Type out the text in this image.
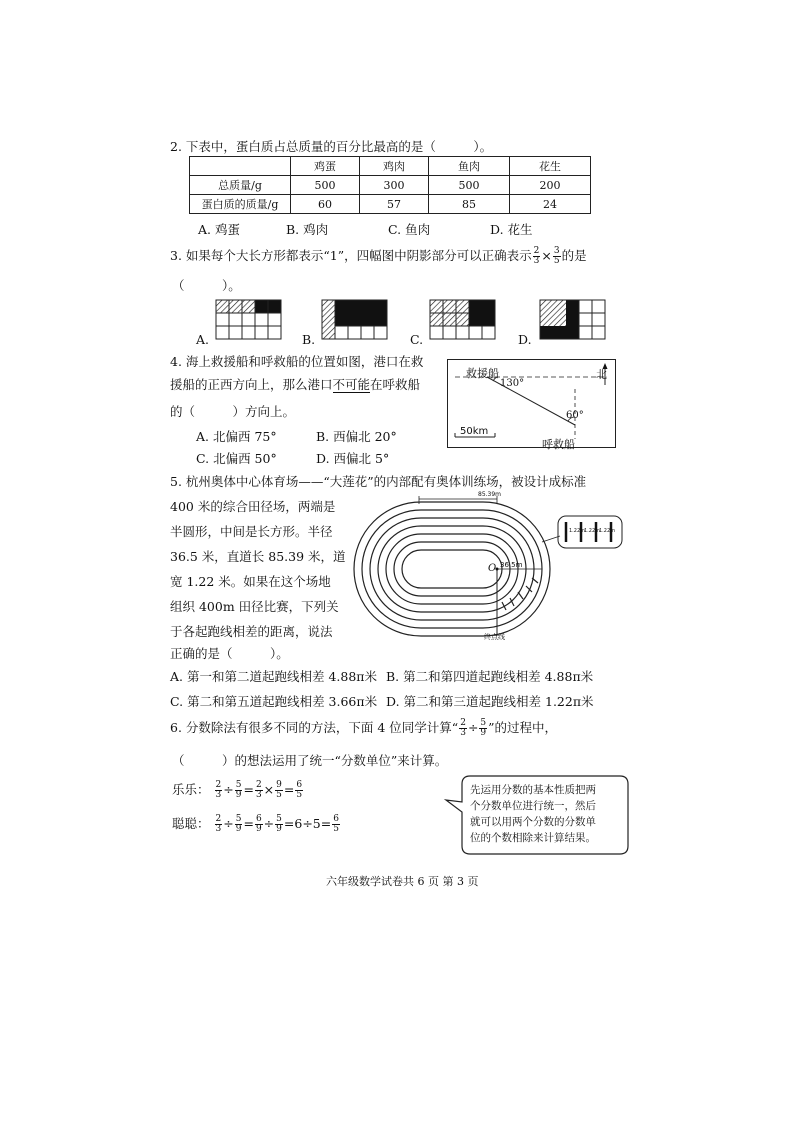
2. 下表中，蛋白质占总质量的百分比最高的是（　　　）。
	鸡蛋	鸡肉	鱼肉	花生
总质量/g	500	300	500	200
蛋白质的质量/g	60	57	85	24
A. 鸡蛋	B. 鸡肉	C. 鱼肉	D. 花生
3. 如果每个大长方形都表示“1”，四幅图中阴影部分可以正确表示 $\frac{2}{3} \times \frac{3}{5}$ 的是
（　　　）。
A.	B.	C.	D.
4. 海上救援船和呼救船的位置如图，港口在救
援船的正西方向上，那么港口不可能在呼救船
的（　　　）方向上。
A. 北偏西 75°	B. 西偏北 20°
C. 北偏西 50°	D. 西偏北 5°
救援船
呼救船
北
130°
60°
50km
5. 杭州奥体中心体育场——“大莲花”的内部配有奥体训练场，被设计成标准
400 米的综合田径场，两端是
半圆形，中间是长方形。半径
36.5 米，直道长 85.39 米，道
宽 1.22 米。如果在这个场地
组织 400m 田径比赛，下列关
于各起跑线相差的距离，说法
正确的是（　　　）。
A. 第一和第二道起跑线相差 4.88π米 B. 第二和第四道起跑线相差 4.88π米
C. 第二和第五道起跑线相差 3.66π米 D. 第二和第三道起跑线相差 1.22π米
85.39m
36.5m
O
终点线
1.22m
1.22m
1.22m
6. 分数除法有很多不同的方法，下面 4 位同学计算“ $\frac{2}{3} \div \frac{5}{9}$ ”的过程中，
（　　　）的想法运用了统一“分数单位”来计算。
乐乐： $\frac{2}{3} \div \frac{5}{9} = \frac{2}{3} \times \frac{9}{5} = \frac{6}{5}$
聪聪： $\frac{2}{3} \div \frac{5}{9} = \frac{6}{9} \div \frac{5}{9} =6\div 5= \frac{6}{5}$
先运用分数的基本性质把两
个分数单位进行统一，然后
就可以用两个分数的分数单
位的个数相除来计算结果。
六年级数学试卷共 6 页 第 3 页
